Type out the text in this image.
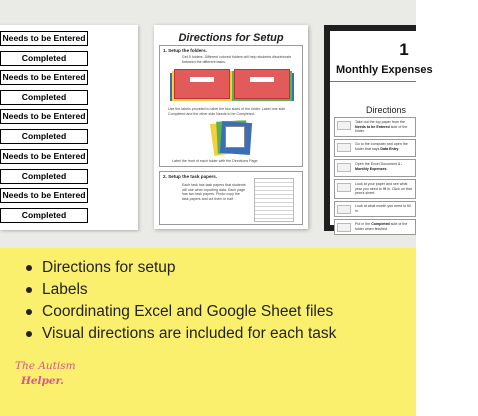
Needs to be Entered
Completed
Needs to be Entered
Completed
Needs to be Entered
Completed
Needs to be Entered
Completed
Needs to be Entered
Completed
Directions for Setup
1. Setup the folders.
Get 5 folders. Different colored folders will help students discriminate between the different tasks.
Use the labels provided to label the two sides of the folder. Label one side Completed and the other side Needs to be Completed.
Label the front of each folder with the Directions Page.
2. Setup the task papers.
Each task has task papers that students will use when inputting data. Each page has two task papers. Photo copy the task papers and cut them in half.
1
Monthly Expenses
Directions
Take out the top paper from the Needs to be Entered side of the folder.
Go to the computer and open the folder that says Data Entry.
Open the Excel Document 1 - Monthly Expenses.
Look at your paper and see what year you need to fill in. Click on that year's sheet.
Look at what month you need to fill in.
Put in the Completed side of the folder when finished.
Directions for setup
Labels
Coordinating Excel and Google Sheet files
Visual directions are included for each task
The Autism
Helper.
